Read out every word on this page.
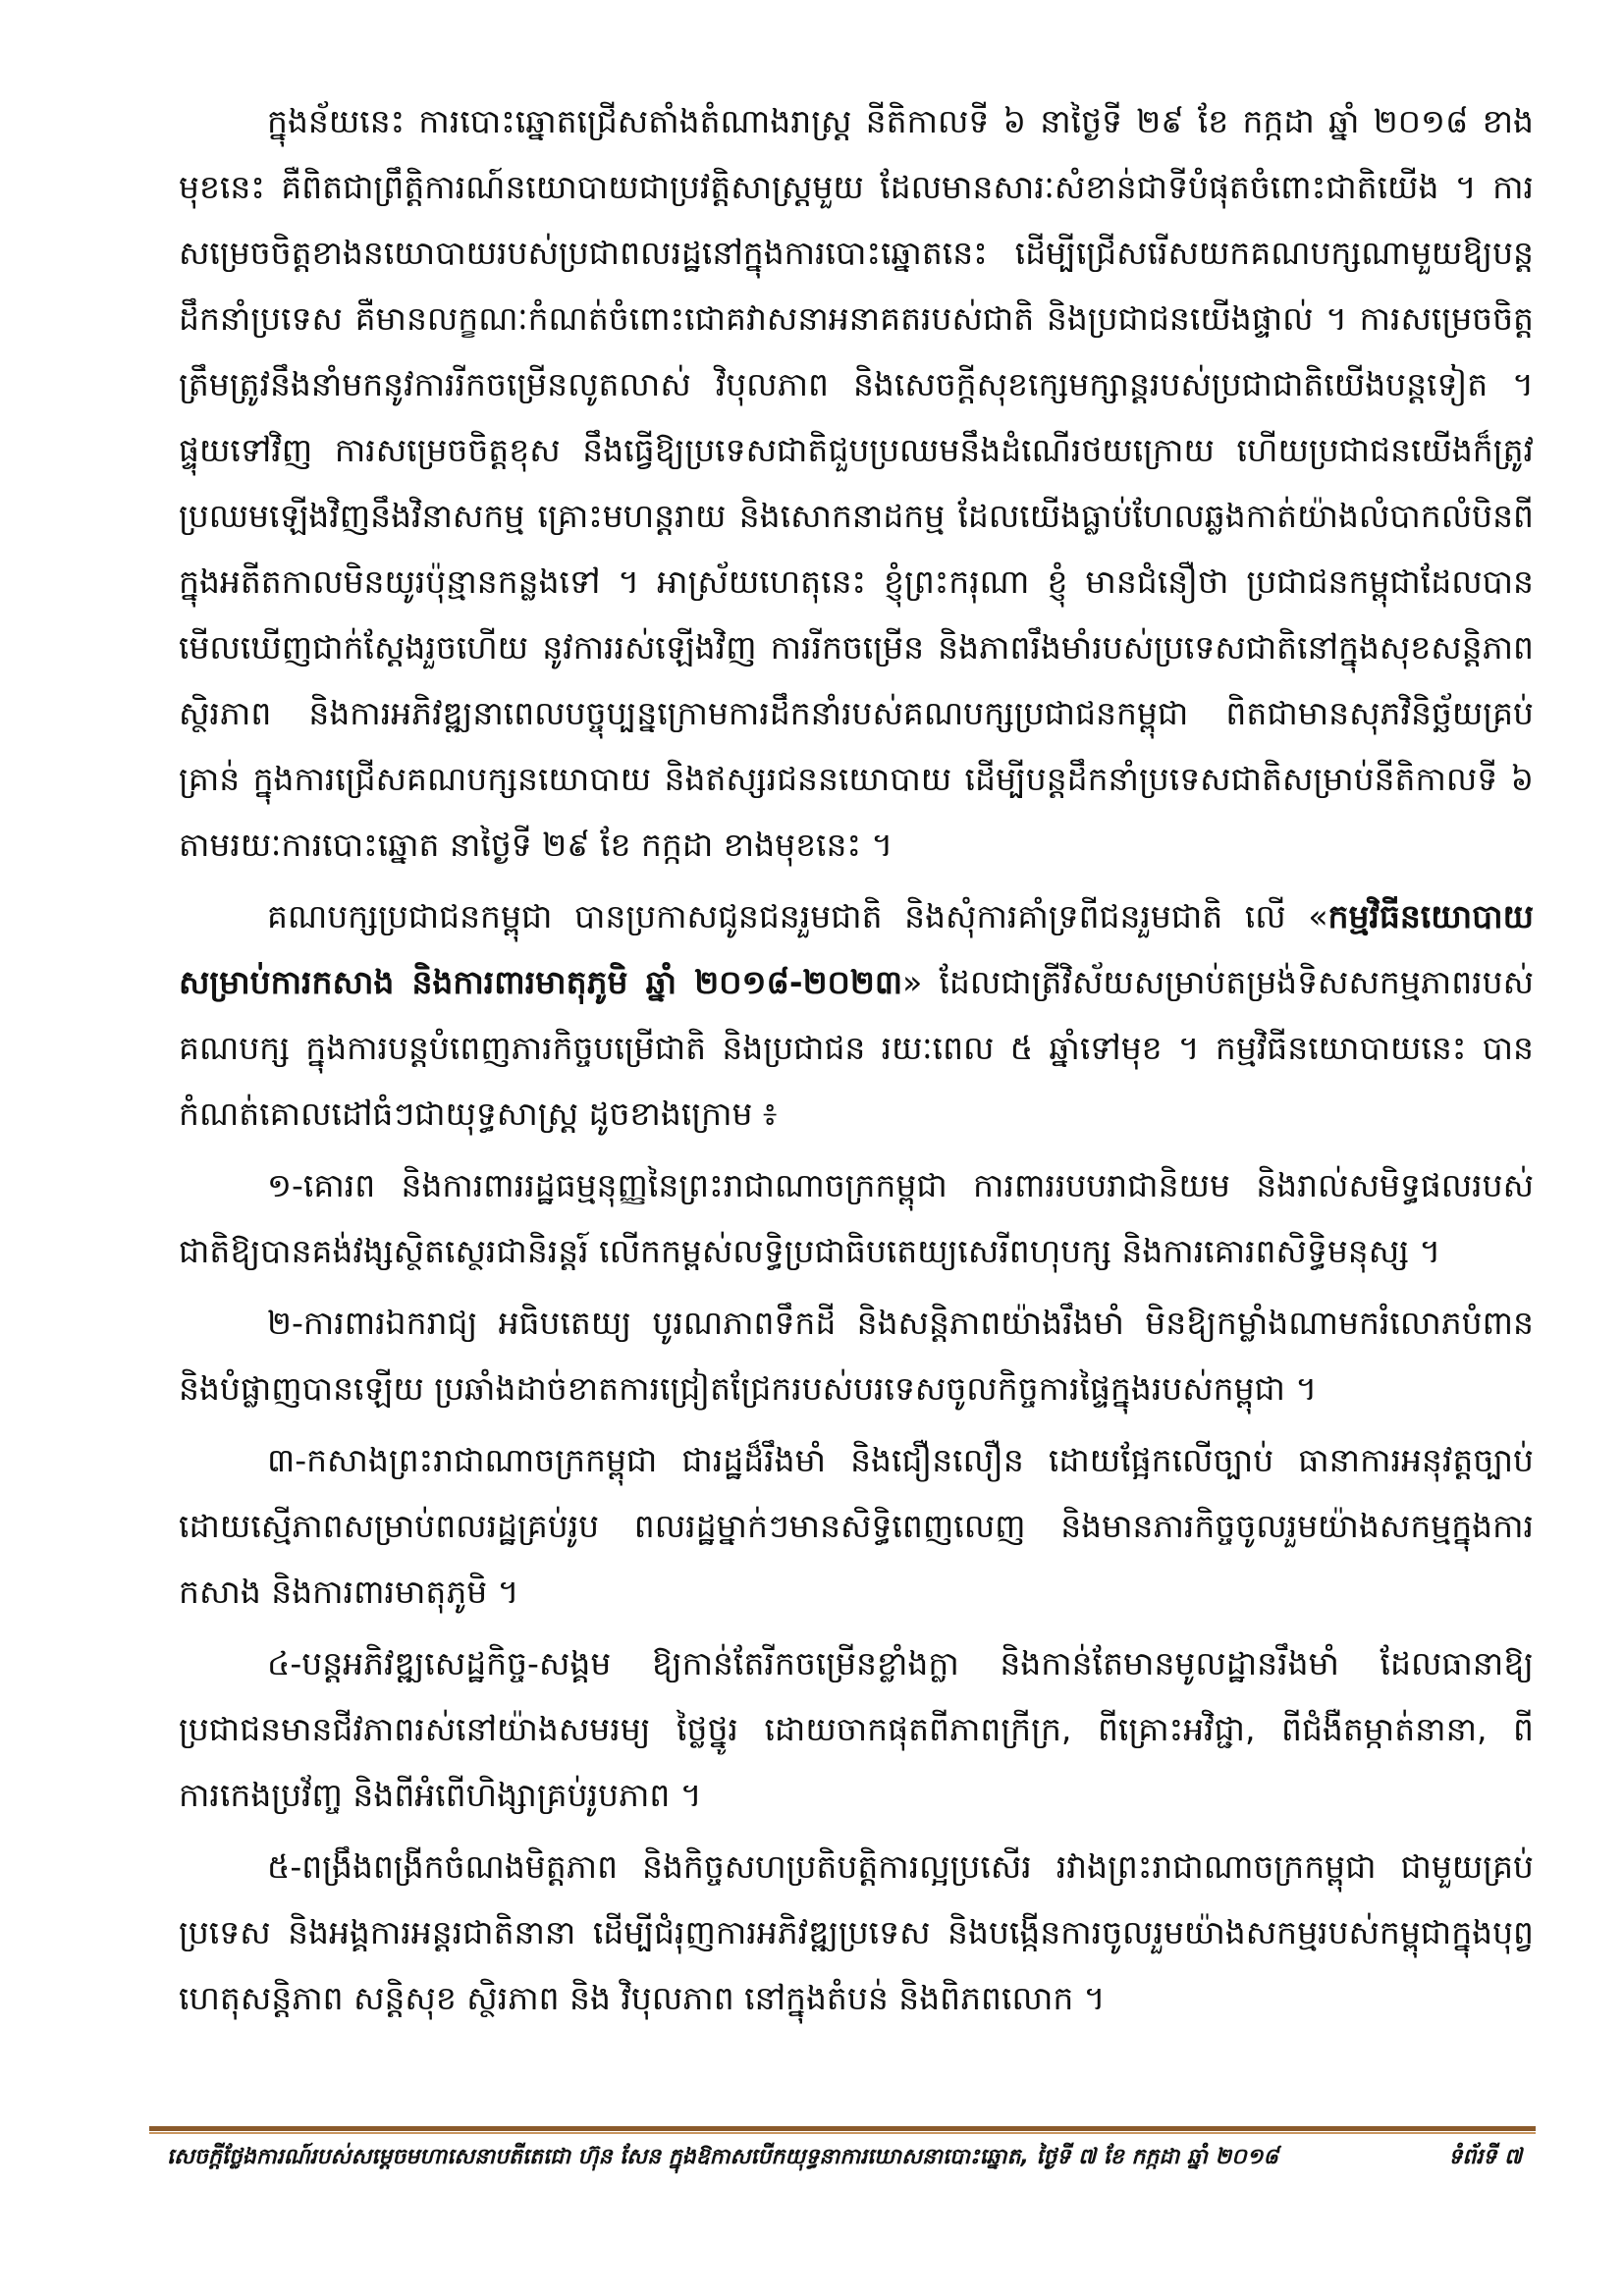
ក្នុងន័យនេះ ការបោះឆ្នោតជ្រើសតាំងតំណាងរាស្ត្រ នីតិកាលទី ៦ នាថ្ងៃទី ២៩ ខែ កក្កដា ឆ្នាំ ២០១៨ ខាងមុខនេះ គឺពិតជាព្រឹត្តិការណ៍នយោបាយជាប្រវត្តិសាស្ត្រមួយ ដែលមានសារៈសំខាន់ជាទីបំផុតចំពោះជាតិយើង ។ ការសម្រេចចិត្តខាងនយោបាយរបស់ប្រជាពលរដ្ឋនៅក្នុងការបោះឆ្នោតនេះ ដើម្បីជ្រើសរើសយកគណបក្សណាមួយឱ្យបន្តដឹកនាំប្រទេស គឺមានលក្ខណៈកំណត់ចំពោះជោគវាសនាអនាគតរបស់ជាតិ និងប្រជាជនយើងផ្ទាល់ ។ ការសម្រេចចិត្តត្រឹមត្រូវនឹងនាំមកនូវការរីកចម្រើនលូតលាស់ វិបុលភាព និងសេចក្តីសុខក្សេមក្សាន្តរបស់ប្រជាជាតិយើងបន្តទៀត ។ ផ្ទុយទៅវិញ ការសម្រេចចិត្តខុស នឹងធ្វើឱ្យប្រទេសជាតិជួបប្រឈមនឹងដំណើរថយក្រោយ ហើយប្រជាជនយើងក៏ត្រូវប្រឈមឡើងវិញនឹងវិនាសកម្ម គ្រោះមហន្តរាយ និងសោកនាដកម្ម ដែលយើងធ្លាប់ហែលឆ្លងកាត់យ៉ាងលំបាកលំបិនពីក្នុងអតីតកាលមិនយូរប៉ុន្មានកន្លងទៅ ។ អាស្រ័យហេតុនេះ ខ្ញុំព្រះករុណា ខ្ញុំ មានជំនឿថា ប្រជាជនកម្ពុជាដែលបានមើលឃើញជាក់ស្តែងរួចហើយ នូវការរស់ឡើងវិញ ការរីកចម្រើន និងភាពរឹងមាំរបស់ប្រទេសជាតិនៅក្នុងសុខសន្តិភាព ស្ថិរភាព និងការអភិវឌ្ឍនាពេលបច្ចុប្បន្នក្រោមការដឹកនាំរបស់គណបក្សប្រជាជនកម្ពុជា ពិតជាមានសុភវិនិច្ឆ័យគ្រប់គ្រាន់ ក្នុងការជ្រើសគណបក្សនយោបាយ និងឥស្សរជននយោបាយ ដើម្បីបន្តដឹកនាំប្រទេសជាតិសម្រាប់នីតិកាលទី ៦ តាមរយៈការបោះឆ្នោត នាថ្ងៃទី ២៩ ខែ កក្កដា ខាងមុខនេះ ។

គណបក្សប្រជាជនកម្ពុជា បានប្រកាសជូនជនរួមជាតិ និងសុំការគាំទ្រពីជនរួមជាតិ លើ «កម្មវិធីនយោបាយសម្រាប់ការកសាង និងការពារមាតុភូមិ ឆ្នាំ ២០១៨-២០២៣» ដែលជាត្រីវិស័យសម្រាប់តម្រង់ទិសសកម្មភាពរបស់គណបក្ស ក្នុងការបន្តបំពេញភារកិច្ចបម្រើជាតិ និងប្រជាជន រយៈពេល ៥ ឆ្នាំទៅមុខ ។ កម្មវិធីនយោបាយនេះ បានកំណត់គោលដៅធំៗជាយុទ្ធសាស្ត្រ ដូចខាងក្រោម ៖

១-គោរព និងការពាររដ្ឋធម្មនុញ្ញនៃព្រះរាជាណាចក្រកម្ពុជា ការពាររបបរាជានិយម និងរាល់សមិទ្ធផលរបស់ជាតិឱ្យបានគង់វង្សស្ថិតស្ថេរជានិរន្តរ៍ លើកកម្ពស់លទ្ធិប្រជាធិបតេយ្យសេរីពហុបក្ស និងការគោរពសិទ្ធិមនុស្ស ។

២-ការពារឯករាជ្យ អធិបតេយ្យ បូរណភាពទឹកដី និងសន្តិភាពយ៉ាងរឹងមាំ មិនឱ្យកម្លាំងណាមករំលោភបំពាន និងបំផ្លាញបានឡើយ ប្រឆាំងដាច់ខាតការជ្រៀតជ្រែករបស់បរទេសចូលកិច្ចការផ្ទៃក្នុងរបស់កម្ពុជា ។

៣-កសាងព្រះរាជាណាចក្រកម្ពុជា ជារដ្ឋដ៏រឹងមាំ និងជឿនលឿន ដោយផ្អែកលើច្បាប់ ធានាការអនុវត្តច្បាប់ដោយស្មើភាពសម្រាប់ពលរដ្ឋគ្រប់រូប ពលរដ្ឋម្នាក់ៗមានសិទ្ធិពេញលេញ និងមានភារកិច្ចចូលរួមយ៉ាងសកម្មក្នុងការកសាង និងការពារមាតុភូមិ ។

៤-បន្តអភិវឌ្ឍសេដ្ឋកិច្ច-សង្គម ឱ្យកាន់តែរីកចម្រើនខ្លាំងក្លា និងកាន់តែមានមូលដ្ឋានរឹងមាំ ដែលធានាឱ្យប្រជាជនមានជីវភាពរស់នៅយ៉ាងសមរម្យ ថ្លៃថ្នូរ ដោយចាកផុតពីភាពក្រីក្រ, ពីគ្រោះអវិជ្ជា, ពីជំងឺតម្កាត់នានា, ពីការកេងប្រវ័ញ្ច និងពីអំពើហិង្សាគ្រប់រូបភាព ។

៥-ពង្រឹងពង្រីកចំណងមិត្តភាព និងកិច្ចសហប្រតិបត្តិការល្អប្រសើរ រវាងព្រះរាជាណាចក្រកម្ពុជា ជាមួយគ្រប់ប្រទេស និងអង្គការអន្តរជាតិនានា ដើម្បីជំរុញការអភិវឌ្ឍប្រទេស និងបង្កើនការចូលរួមយ៉ាងសកម្មរបស់កម្ពុជាក្នុងបុព្វហេតុសន្តិភាព សន្តិសុខ ស្ថិរភាព និង វិបុលភាព នៅក្នុងតំបន់ និងពិភពលោក ។

សេចក្តីថ្លែងការណ៍របស់សម្តេចមហាសេនាបតីតេជោ ហ៊ុន សែន ក្នុងឱកាសបើកយុទ្ធនាការឃោសនាបោះឆ្នោត, ថ្ងៃទី ៧ ខែ កក្កដា ឆ្នាំ ២០១៨	ទំព័រទី ៧
